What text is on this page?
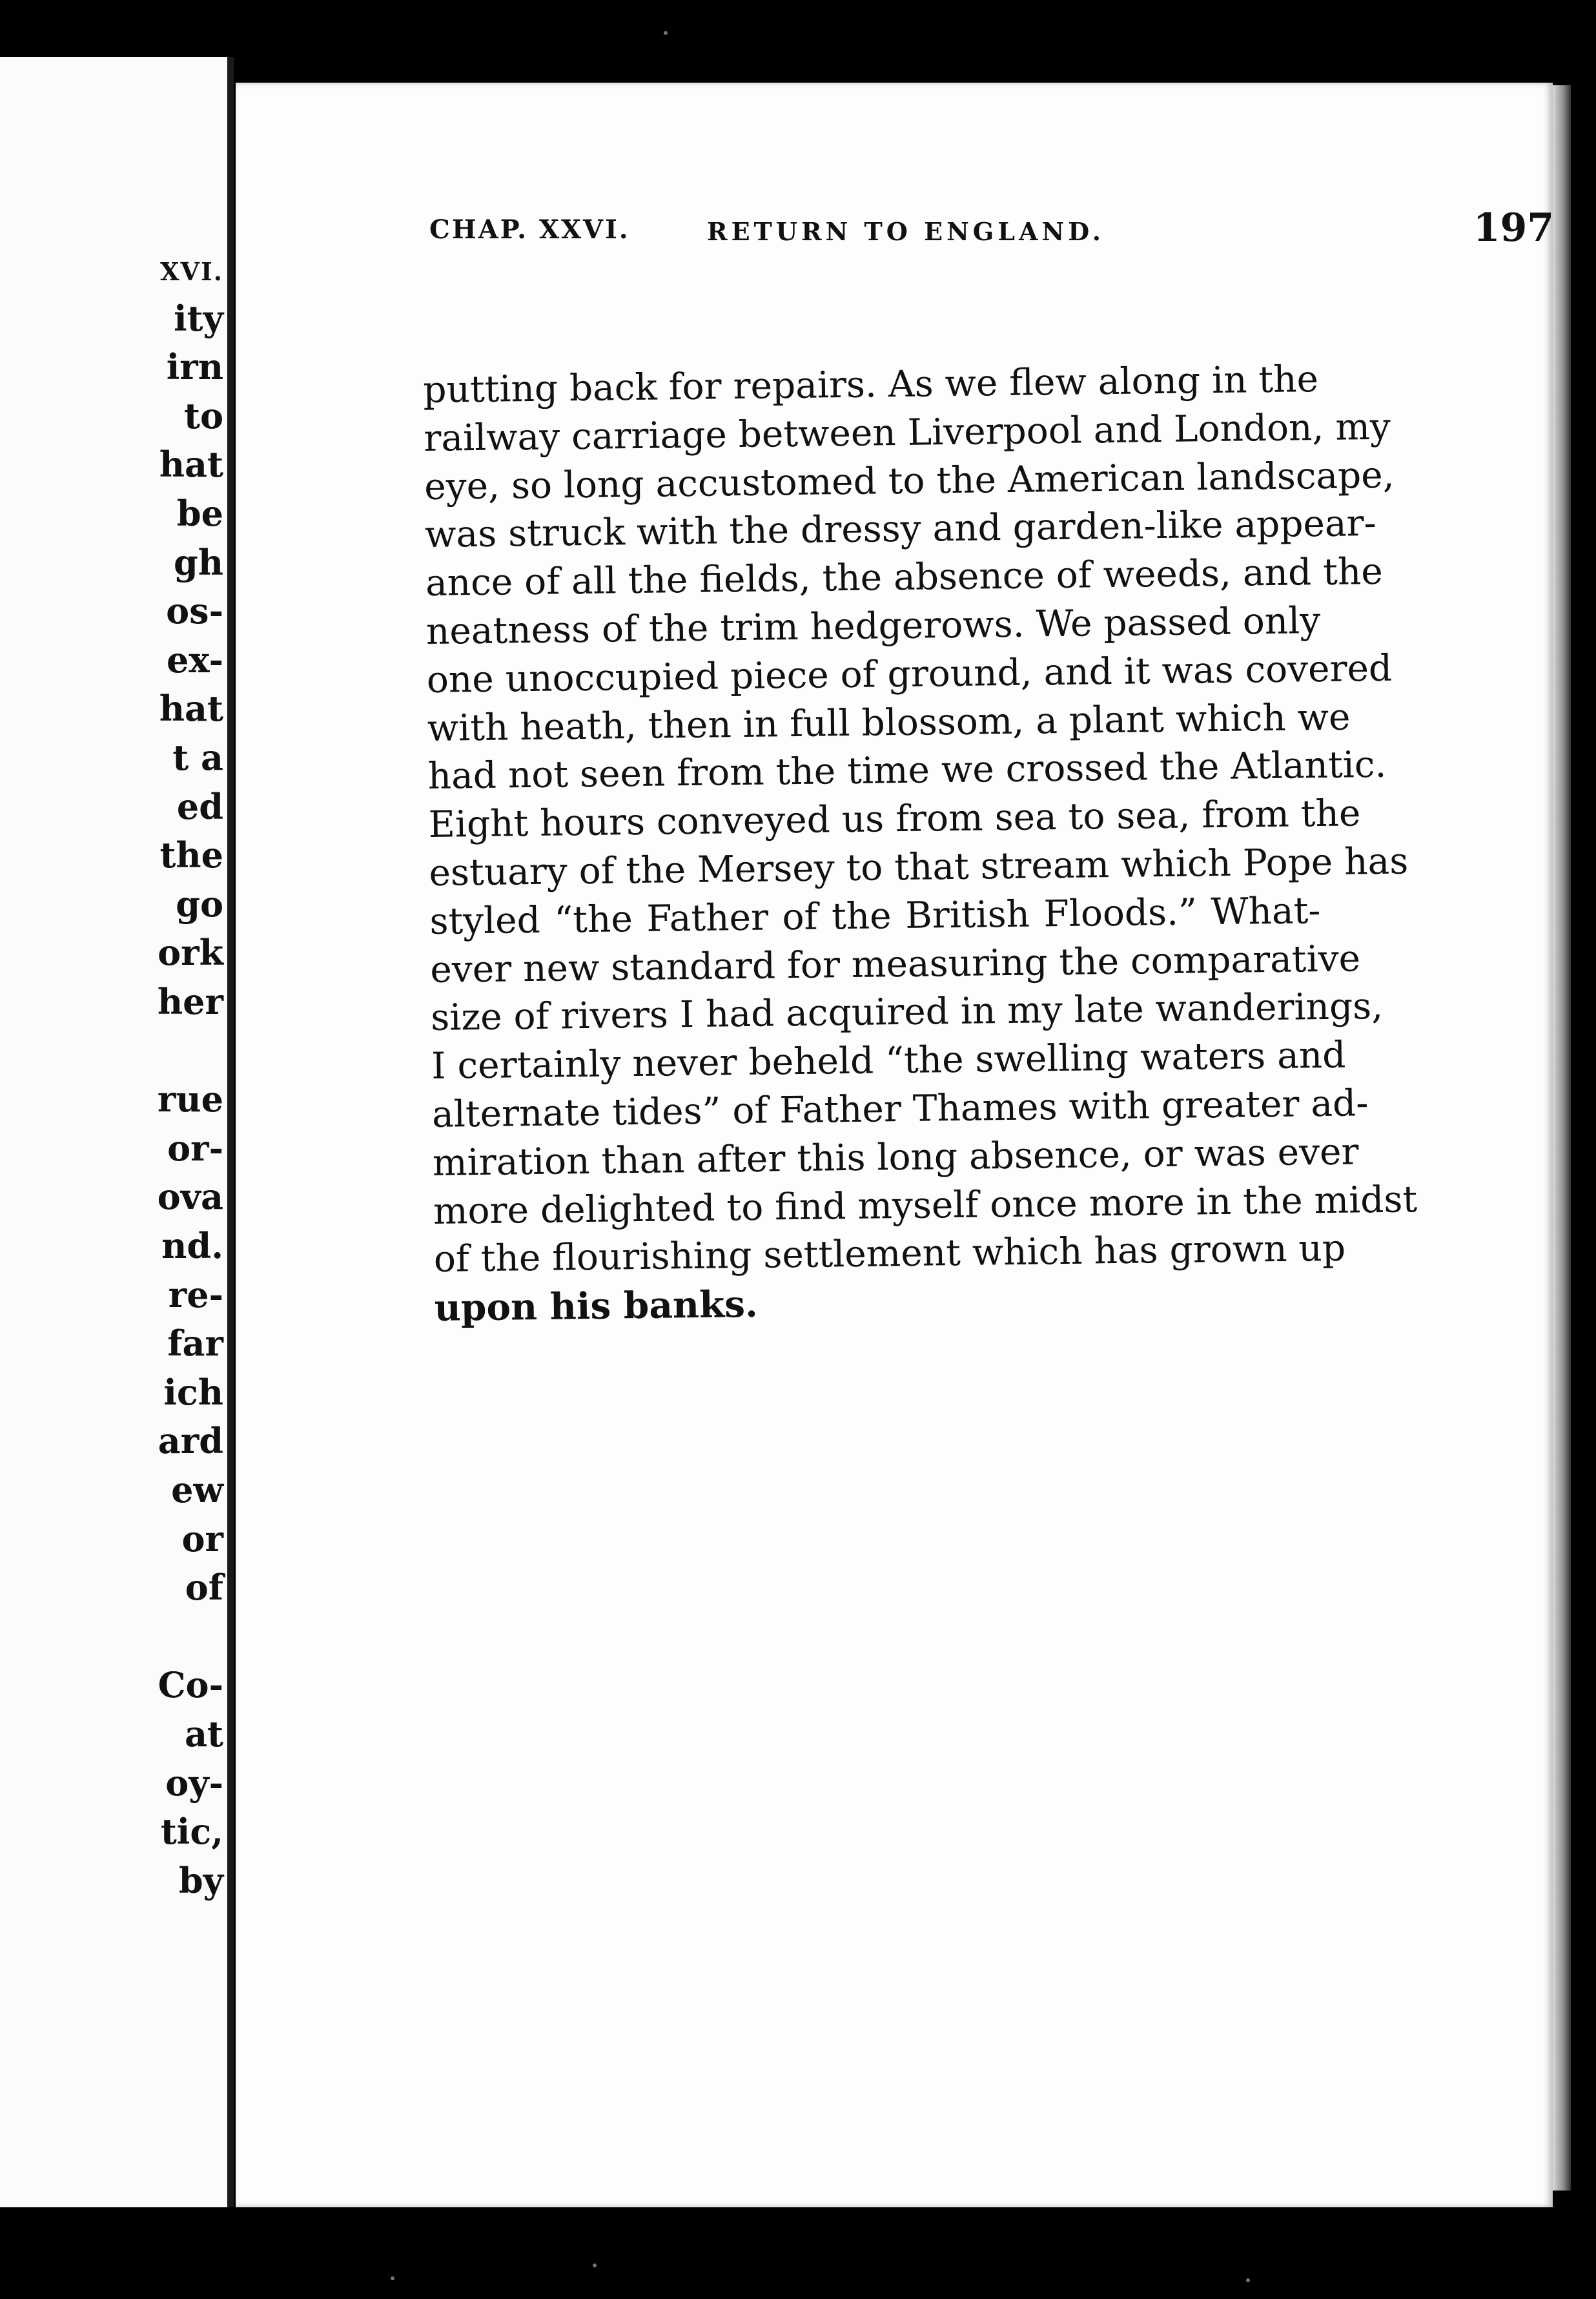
XVI.
ity
irn
to
hat
be
gh
os-
ex-
hat
t a
ed
the
go
ork
her
rue
or-
ova
nd.
re-
far
ich
ard
ew
or
of
Co-
at
oy-
tic,
by
CHAP. XXVI.	RETURN TO ENGLAND.	197
putting back for repairs. As we flew along in the
railway carriage between Liverpool and London, my
eye, so long accustomed to the American landscape,
was struck with the dressy and garden-like appear-
ance of all the fields, the absence of weeds, and the
neatness of the trim hedgerows. We passed only
one unoccupied piece of ground, and it was covered
with heath, then in full blossom, a plant which we
had not seen from the time we crossed the Atlantic.
Eight hours conveyed us from sea to sea, from the
estuary of the Mersey to that stream which Pope has
styled “the Father of the British Floods.” What-
ever new standard for measuring the comparative
size of rivers I had acquired in my late wanderings,
I certainly never beheld “the swelling waters and
alternate tides” of Father Thames with greater ad-
miration than after this long absence, or was ever
more delighted to find myself once more in the midst
of the flourishing settlement which has grown up
upon his banks.
